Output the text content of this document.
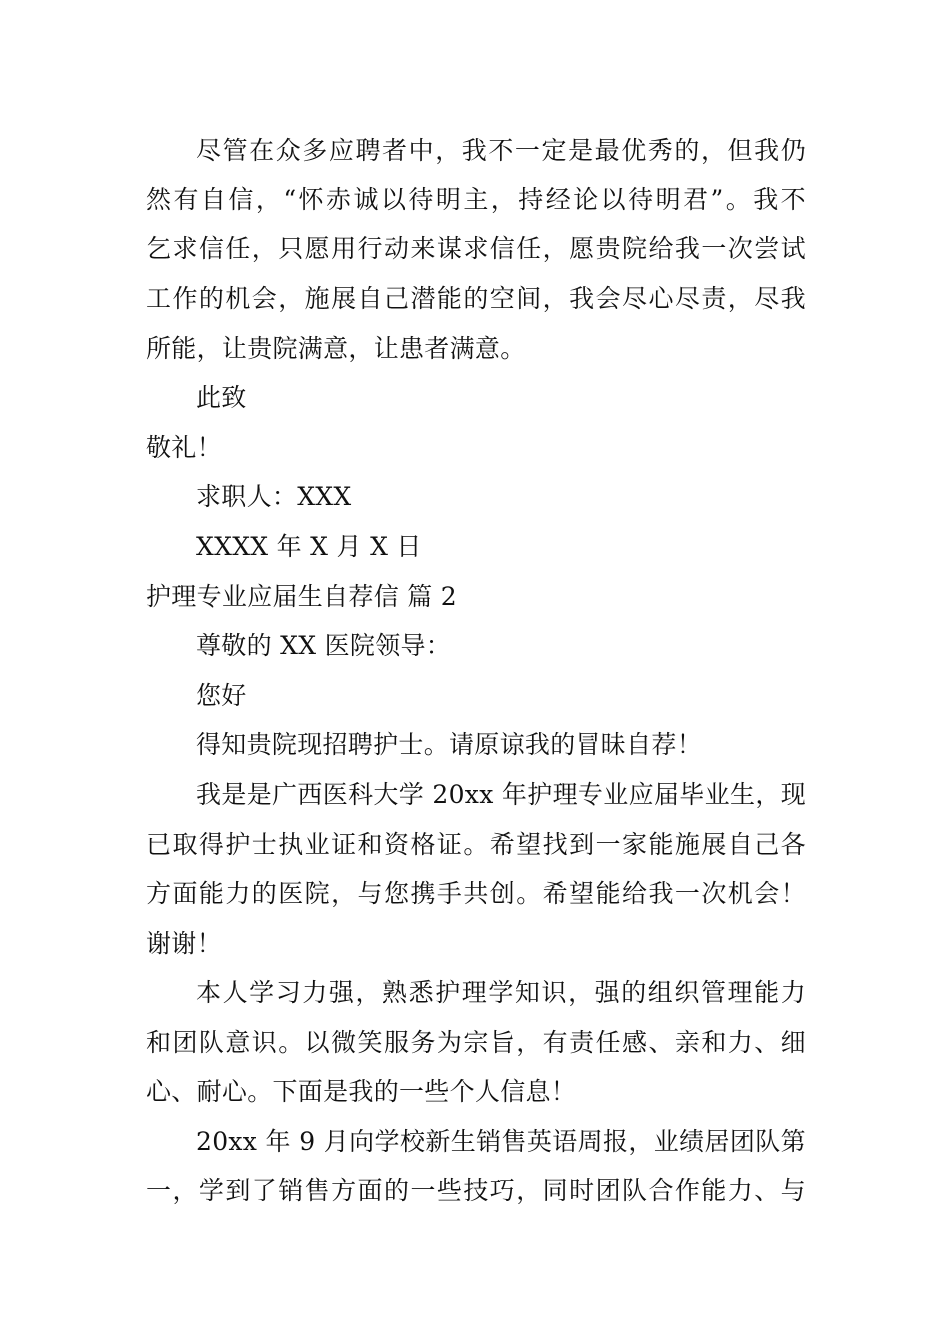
尽管在众多应聘者中，我不一定是最优秀的，但我仍
然有自信，“怀赤诚以待明主，持经论以待明君”。我不
乞求信任，只愿用行动来谋求信任，愿贵院给我一次尝试
工作的机会，施展自己潜能的空间，我会尽心尽责，尽我
所能，让贵院满意，让患者满意。
此致
敬礼！
求职人：XXX
XXXX 年 X 月 X 日
护理专业应届生自荐信 篇 2
尊敬的 XX 医院领导：
您好
得知贵院现招聘护士。请原谅我的冒昧自荐！
我是是广西医科大学 20xx 年护理专业应届毕业生，现
已取得护士执业证和资格证。希望找到一家能施展自己各
方面能力的医院，与您携手共创。希望能给我一次机会！
谢谢！
本人学习力强，熟悉护理学知识，强的组织管理能力
和团队意识。以微笑服务为宗旨，有责任感、亲和力、细
心、耐心。下面是我的一些个人信息！
20xx 年 9 月向学校新生销售英语周报，业绩居团队第
一，学到了销售方面的一些技巧，同时团队合作能力、与
